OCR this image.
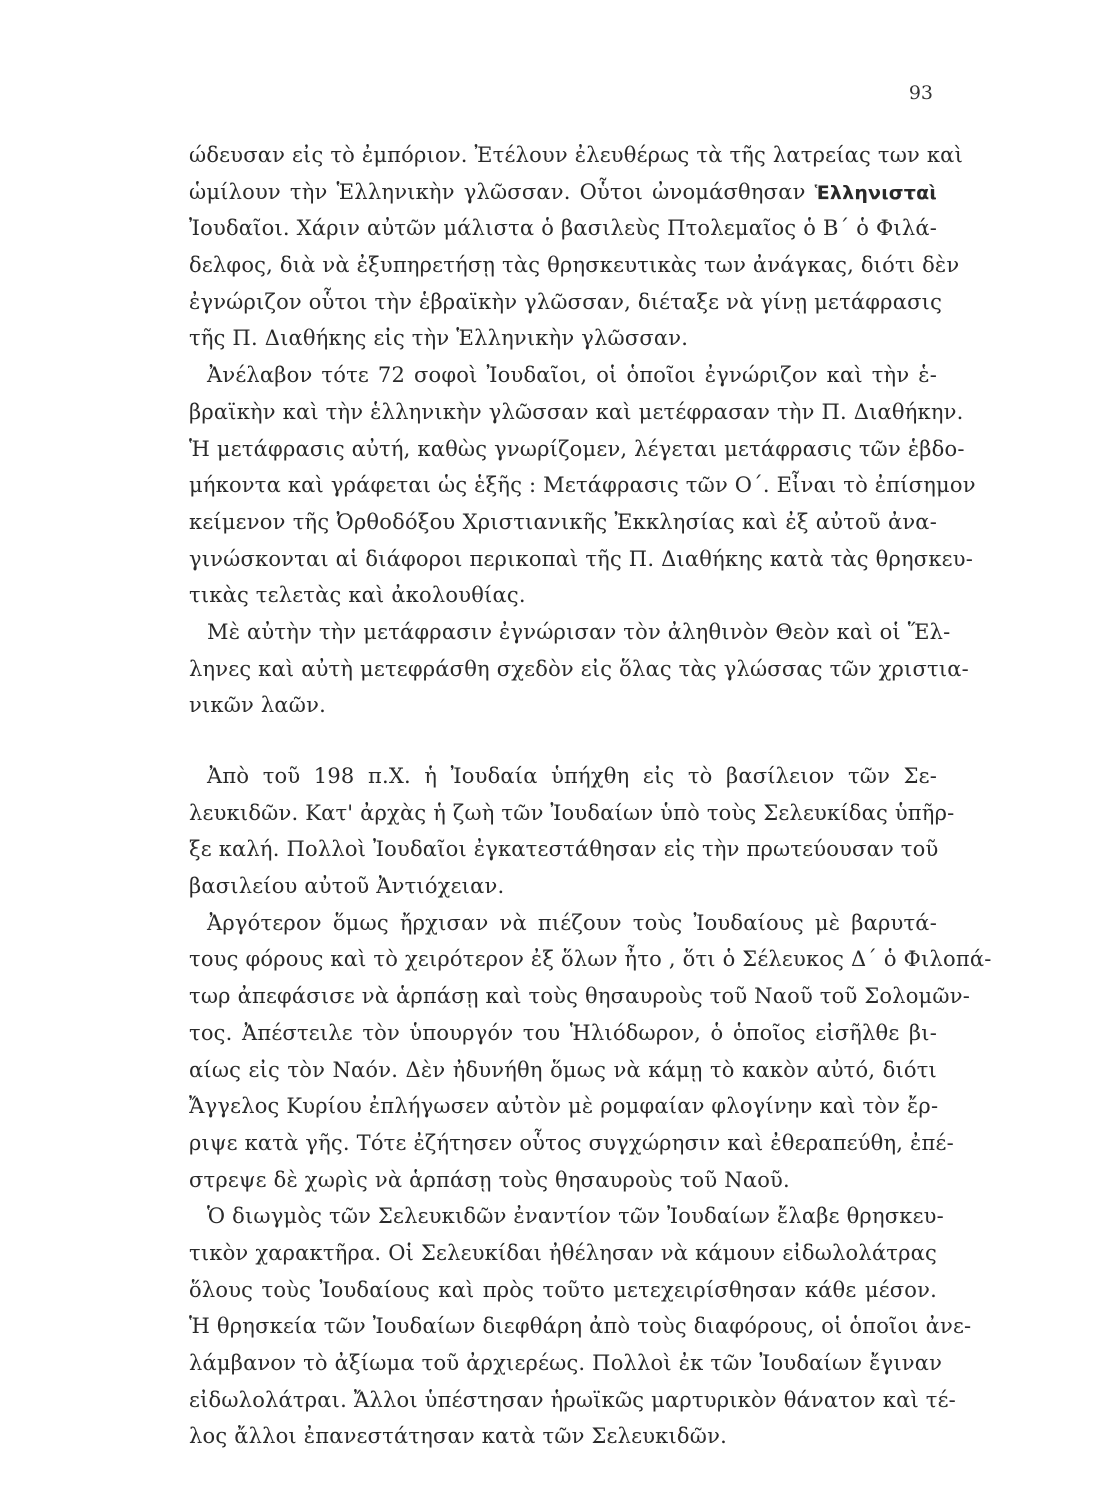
93
ώδευσαν εἰς τὸ ἐμπόριον. Ἐτέλουν ἐλευθέρως τὰ τῆς λατρείας των καὶ
ὡμίλουν τὴν Ἑλληνικὴν γλῶσσαν. Οὗτοι ὠνομάσθησαν Ἑλληνισταὶ
Ἰουδαῖοι. Χάριν αὐτῶν μάλιστα ὁ βασιλεὺς Πτολεμαῖος ὁ Β΄ ὁ Φιλά-
δελφος, διὰ νὰ ἐξυπηρετήσῃ τὰς θρησκευτικὰς των ἀνάγκας, διότι δὲν
ἐγνώριζον οὗτοι τὴν ἑβραϊκὴν γλῶσσαν, διέταξε νὰ γίνῃ μετάφρασις
τῆς Π. Διαθήκης εἰς τὴν Ἑλληνικὴν γλῶσσαν.
Ἀνέλαβον τότε 72 σοφοὶ Ἰουδαῖοι, οἱ ὁποῖοι ἐγνώριζον καὶ τὴν ἑ-
βραϊκὴν καὶ τὴν ἑλληνικὴν γλῶσσαν καὶ μετέφρασαν τὴν Π. Διαθήκην.
Ἡ μετάφρασις αὐτή, καθὼς γνωρίζομεν, λέγεται μετάφρασις τῶν ἑβδο-
μήκοντα καὶ γράφεται ὡς ἑξῆς : Μετάφρασις τῶν Ο΄. Εἶναι τὸ ἐπίσημον
κείμενον τῆς Ὀρθοδόξου Χριστιανικῆς Ἐκκλησίας καὶ ἐξ αὐτοῦ ἀνα-
γινώσκονται αἱ διάφοροι περικοπαὶ τῆς Π. Διαθήκης κατὰ τὰς θρησκευ-
τικὰς τελετὰς καὶ ἀκολουθίας.
Μὲ αὐτὴν τὴν μετάφρασιν ἐγνώρισαν τὸν ἀληθινὸν Θεὸν καὶ οἱ Ἕλ-
ληνες καὶ αὐτὴ μετεφράσθη σχεδὸν εἰς ὅλας τὰς γλώσσας τῶν χριστια-
νικῶν λαῶν.
Ἀπὸ τοῦ 198 π.Χ. ἡ Ἰουδαία ὑπήχθη εἰς τὸ βασίλειον τῶν Σε-
λευκιδῶν. Κατ' ἀρχὰς ἡ ζωὴ τῶν Ἰουδαίων ὑπὸ τοὺς Σελευκίδας ὑπῆρ-
ξε καλή. Πολλοὶ Ἰουδαῖοι ἐγκατεστάθησαν εἰς τὴν πρωτεύουσαν τοῦ
βασιλείου αὐτοῦ Ἀντιόχειαν.
Ἀργότερον ὅμως ἤρχισαν νὰ πιέζουν τοὺς Ἰουδαίους μὲ βαρυτά-
τους φόρους καὶ τὸ χειρότερον ἐξ ὅλων ἦτο , ὅτι ὁ Σέλευκος Δ΄ ὁ Φιλοπά-
τωρ ἀπεφάσισε νὰ ἁρπάσῃ καὶ τοὺς θησαυροὺς τοῦ Ναοῦ τοῦ Σολομῶν-
τος. Ἀπέστειλε τὸν ὑπουργόν του Ἡλιόδωρον, ὁ ὁποῖος εἰσῆλθε βι-
αίως εἰς τὸν Ναόν. Δὲν ἠδυνήθη ὅμως νὰ κάμῃ τὸ κακὸν αὐτό, διότι
Ἄγγελος Κυρίου ἐπλήγωσεν αὐτὸν μὲ ρομφαίαν φλογίνην καὶ τὸν ἔρ-
ριψε κατὰ γῆς. Τότε ἐζήτησεν οὗτος συγχώρησιν καὶ ἐθεραπεύθη, ἐπέ-
στρεψε δὲ χωρὶς νὰ ἁρπάσῃ τοὺς θησαυροὺς τοῦ Ναοῦ.
Ὁ διωγμὸς τῶν Σελευκιδῶν ἐναντίον τῶν Ἰουδαίων ἔλαβε θρησκευ-
τικὸν χαρακτῆρα. Οἱ Σελευκίδαι ἠθέλησαν νὰ κάμουν εἰδωλολάτρας
ὅλους τοὺς Ἰουδαίους καὶ πρὸς τοῦτο μετεχειρίσθησαν κάθε μέσον.
Ἡ θρησκεία τῶν Ἰουδαίων διεφθάρη ἀπὸ τοὺς διαφόρους, οἱ ὁποῖοι ἀνε-
λάμβανον τὸ ἀξίωμα τοῦ ἀρχιερέως. Πολλοὶ ἐκ τῶν Ἰουδαίων ἔγιναν
εἰδωλολάτραι. Ἄλλοι ὑπέστησαν ἡρωϊκῶς μαρτυρικὸν θάνατον καὶ τέ-
λος ἄλλοι ἐπανεστάτησαν κατὰ τῶν Σελευκιδῶν.
